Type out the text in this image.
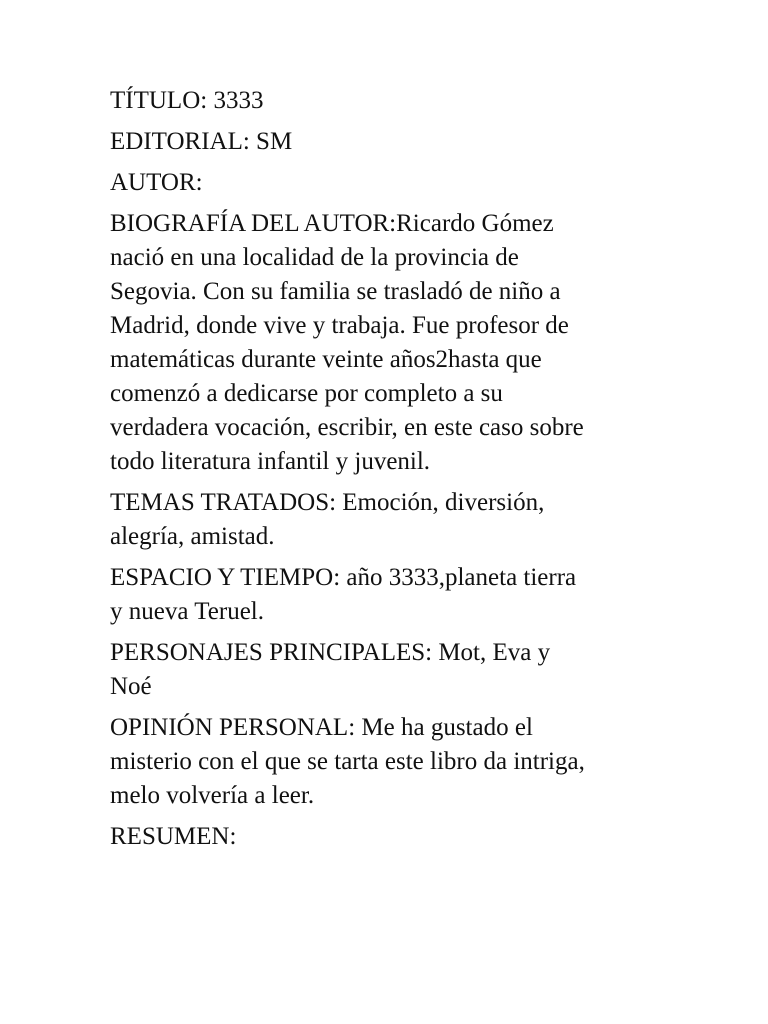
TÍTULO: 3333

EDITORIAL: SM

AUTOR:

BIOGRAFÍA DEL AUTOR:Ricardo Gómez
nació en una localidad de la provincia de
Segovia. Con su familia se trasladó de niño a
Madrid, donde vive y trabaja. Fue profesor de
matemáticas durante veinte años2hasta que
comenzó a dedicarse por completo a su
verdadera vocación, escribir, en este caso sobre
todo literatura infantil y juvenil.

TEMAS TRATADOS: Emoción, diversión,
alegría, amistad.

ESPACIO Y TIEMPO: año 3333,planeta tierra
y nueva Teruel.

PERSONAJES PRINCIPALES: Mot, Eva y
Noé

OPINIÓN PERSONAL: Me ha gustado el
misterio con el que se tarta este libro da intriga,
melo volvería a leer.

RESUMEN:
